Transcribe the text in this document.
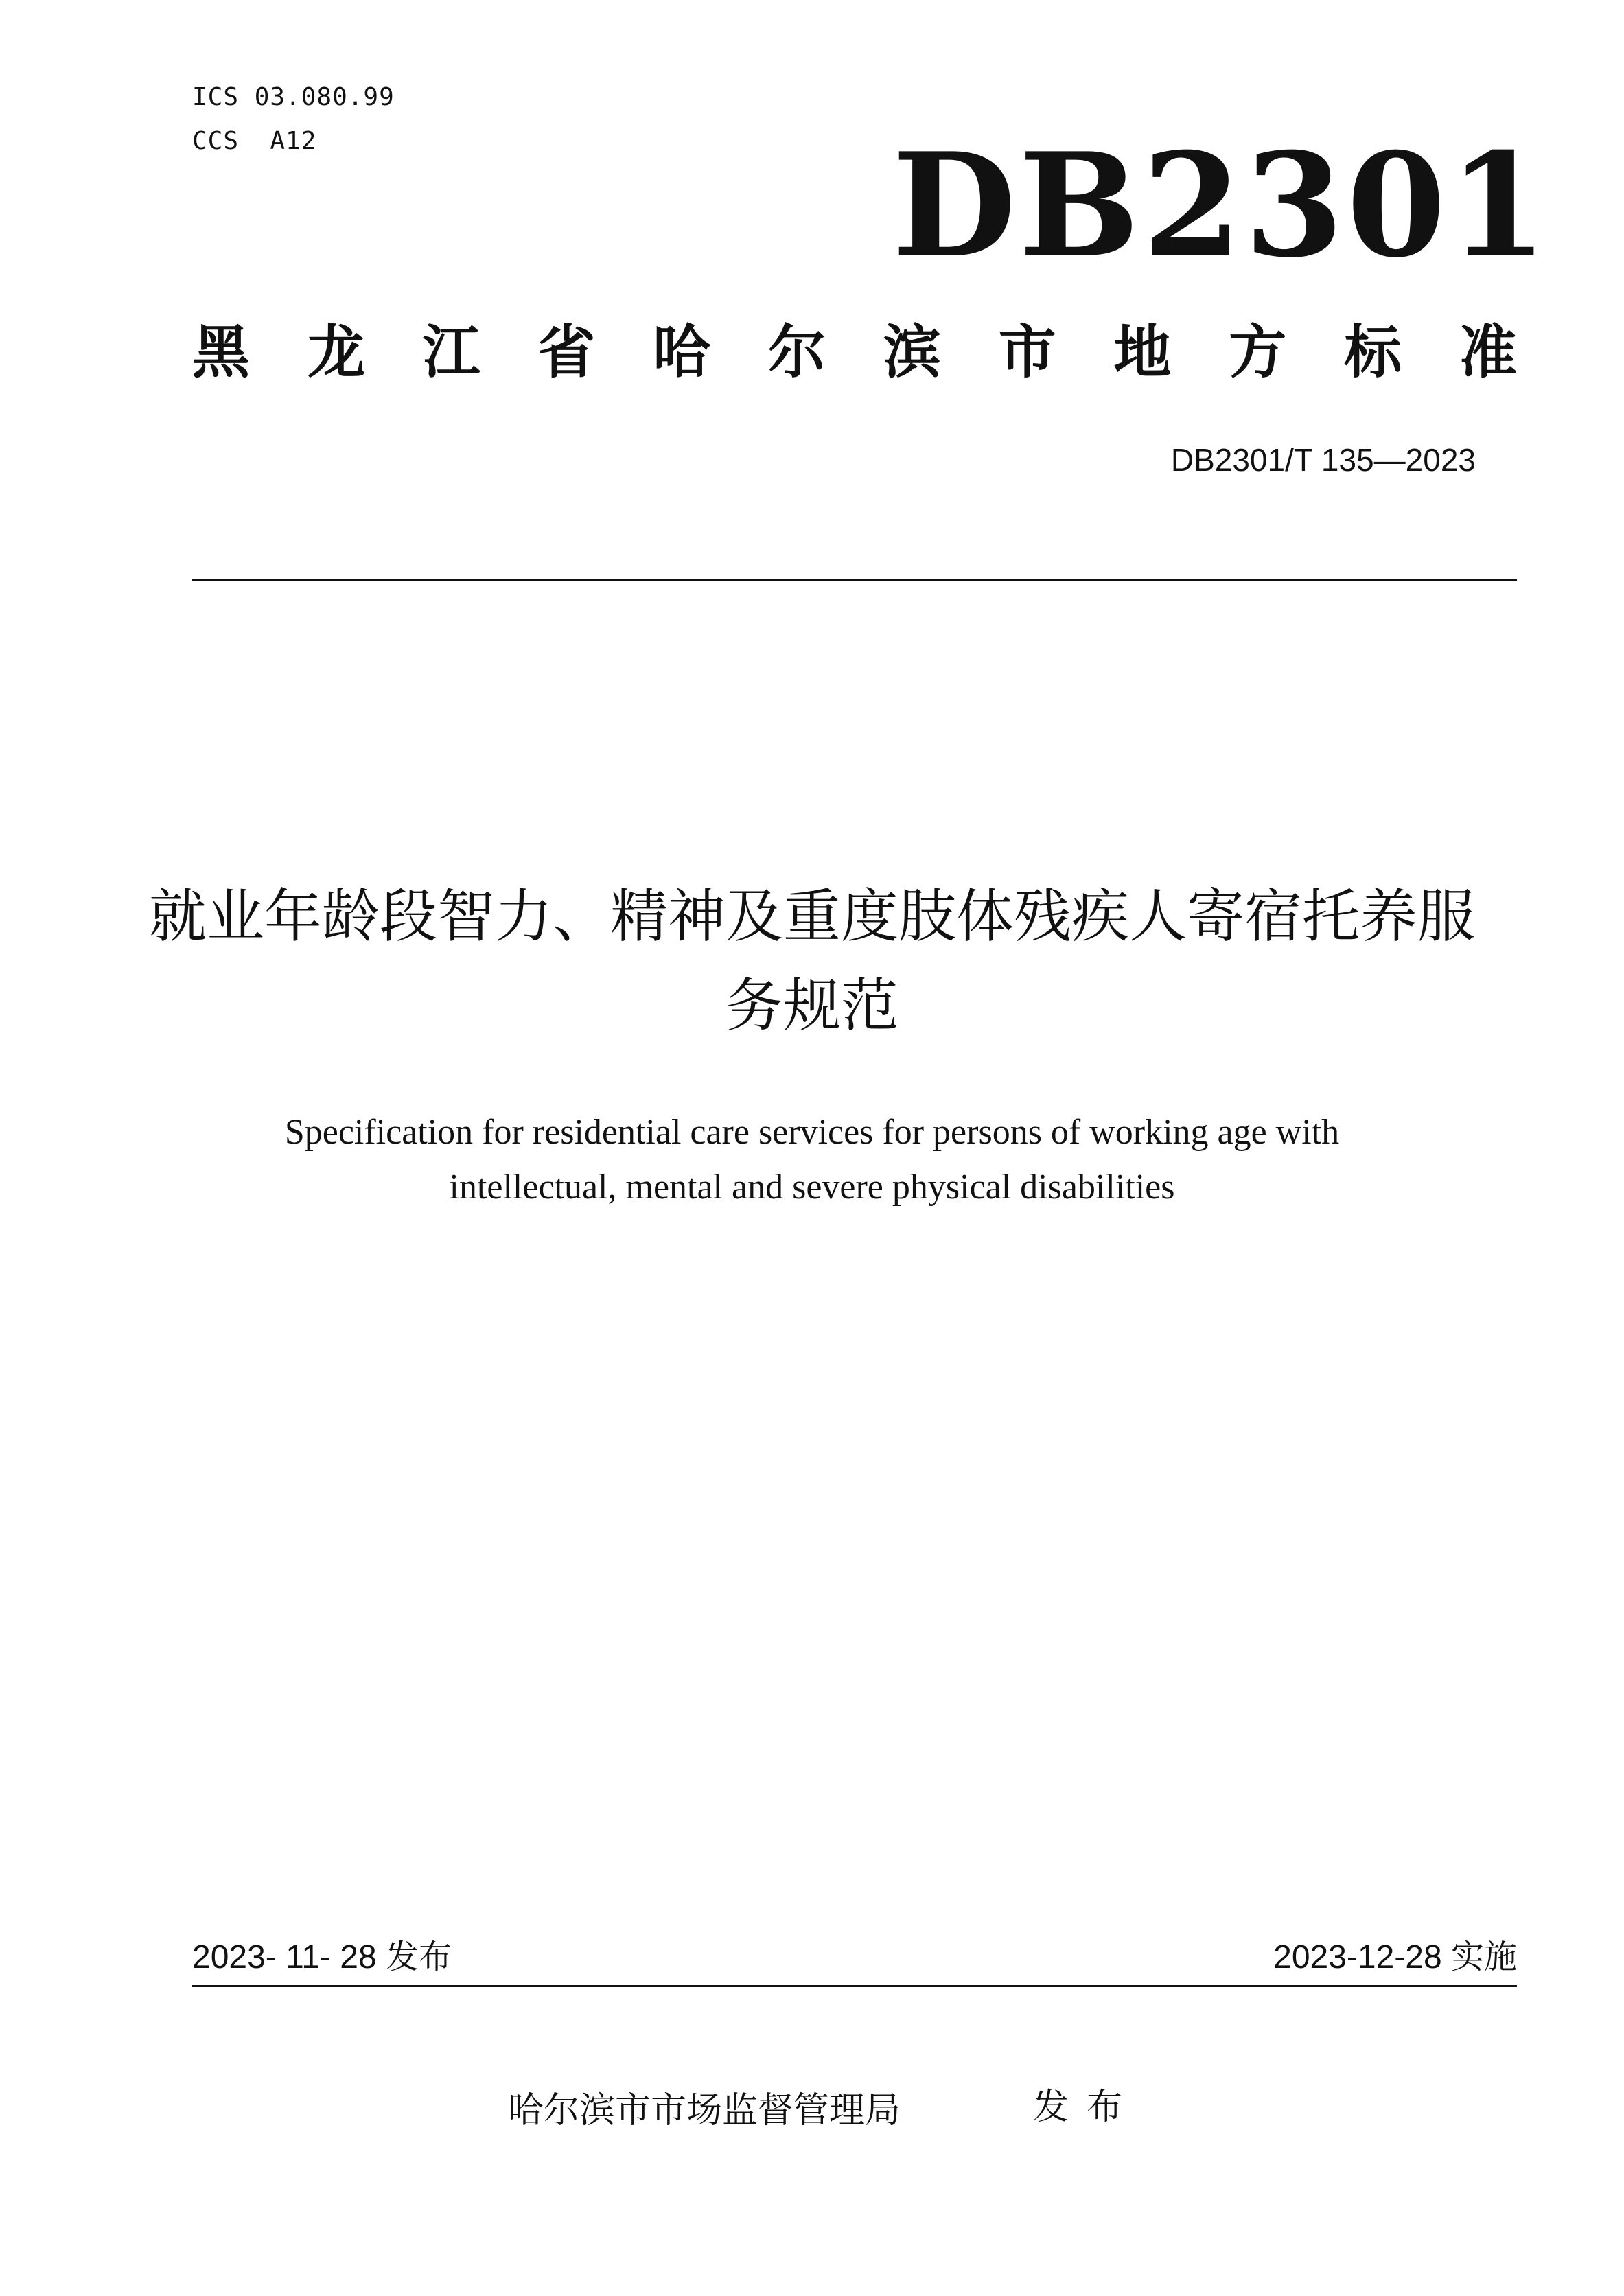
ICS 03.080.99
CCS  A12	DB2301
黑 龙 江 省 哈 尔 滨 市 地 方 标 准
DB2301/T 135—2023
就业年龄段智力、精神及重度肢体残疾人寄宿托养服务规范
Specification for residential care services for persons of working age with
intellectual, mental and severe physical disabilities
2023- 11- 28 发布	2023-12-28 实施
哈尔滨市市场监督管理局	发布
